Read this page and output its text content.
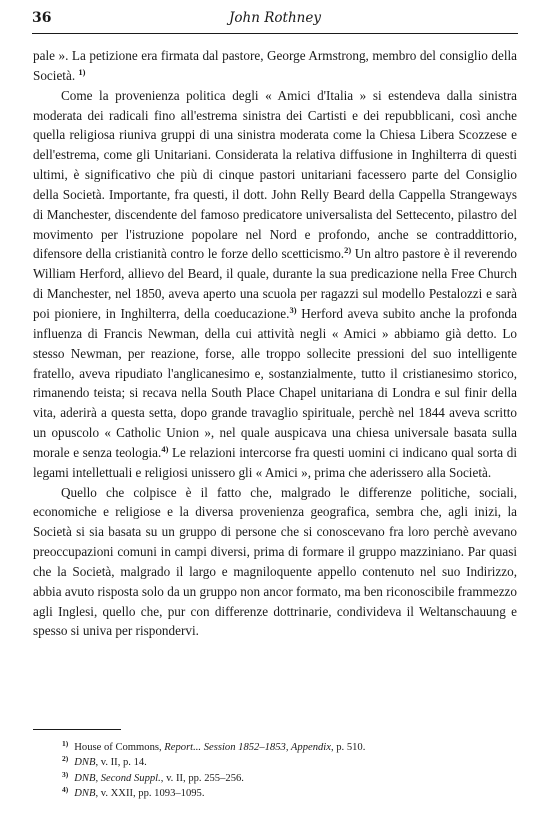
36	John Rothney

pale ». La petizione era firmata dal pastore, George Armstrong, membro del consiglio della Società. $^{1)}$

Come la provenienza politica degli « Amici d'Italia » si estendeva dalla sinistra moderata dei radicali fino all'estrema sinistra dei Cartisti e dei repubblicani, così anche quella religiosa riuniva gruppi di una sinistra moderata come la Chiesa Libera Scozzese e dell'estrema, come gli Unitariani. Considerata la relativa diffusione in Inghilterra di questi ultimi, è significativo che più di cinque pastori unitariani facessero parte del Consiglio della Società. Importante, fra questi, il dott. John Relly Beard della Cappella Strangeways di Manchester, discendente del famoso predicatore universalista del Settecento, pilastro del movimento per l'istruzione popolare nel Nord e profondo, anche se contraddittorio, difensore della cristianità contro le forze dello scetticismo.$^{2)}$ Un altro pastore è il reverendo William Herford, allievo del Beard, il quale, durante la sua predicazione nella Free Church di Manchester, nel 1850, aveva aperto una scuola per ragazzi sul modello Pestalozzi e sarà poi pioniere, in Inghilterra, della coeducazione.$^{3)}$ Herford aveva subito anche la profonda influenza di Francis Newman, della cui attività negli « Amici » abbiamo già detto. Lo stesso Newman, per reazione, forse, alle troppo sollecite pressioni del suo intelligente fratello, aveva ripudiato l'anglicanesimo e, sostanzialmente, tutto il cristianesimo storico, rimanendo teista; si recava nella South Place Chapel unitariana di Londra e sul finir della vita, aderirà a questa setta, dopo grande travaglio spirituale, perchè nel 1844 aveva scritto un opuscolo « Catholic Union », nel quale auspicava una chiesa universale basata sulla morale e senza teologia.$^{4)}$ Le relazioni intercorse fra questi uomini ci indicano qual sorta di legami intellettuali e religiosi unissero gli « Amici », prima che aderissero alla Società.

Quello che colpisce è il fatto che, malgrado le differenze politiche, sociali, economiche e religiose e la diversa provenienza geografica, sembra che, agli inizi, la Società si sia basata su un gruppo di persone che si conoscevano fra loro perchè avevano preoccupazioni comuni in campi diversi, prima di formare il gruppo mazziniano. Par quasi che la Società, malgrado il largo e magniloquente appello contenuto nel suo Indirizzo, abbia avuto risposta solo da un gruppo non ancor formato, ma ben riconoscibile frammezzo agli Inglesi, quello che, pur con differenze dottrinarie, condivideva il Weltanschauung e spesso si univa per rispondervi.

$^{1)}$ House of Commons, Report... Session 1852–1853, Appendix, p. 510.
$^{2)}$ DNB, v. II, p. 14.
$^{3)}$ DNB, Second Suppl., v. II, pp. 255–256.
$^{4)}$ DNB, v. XXII, pp. 1093–1095.
